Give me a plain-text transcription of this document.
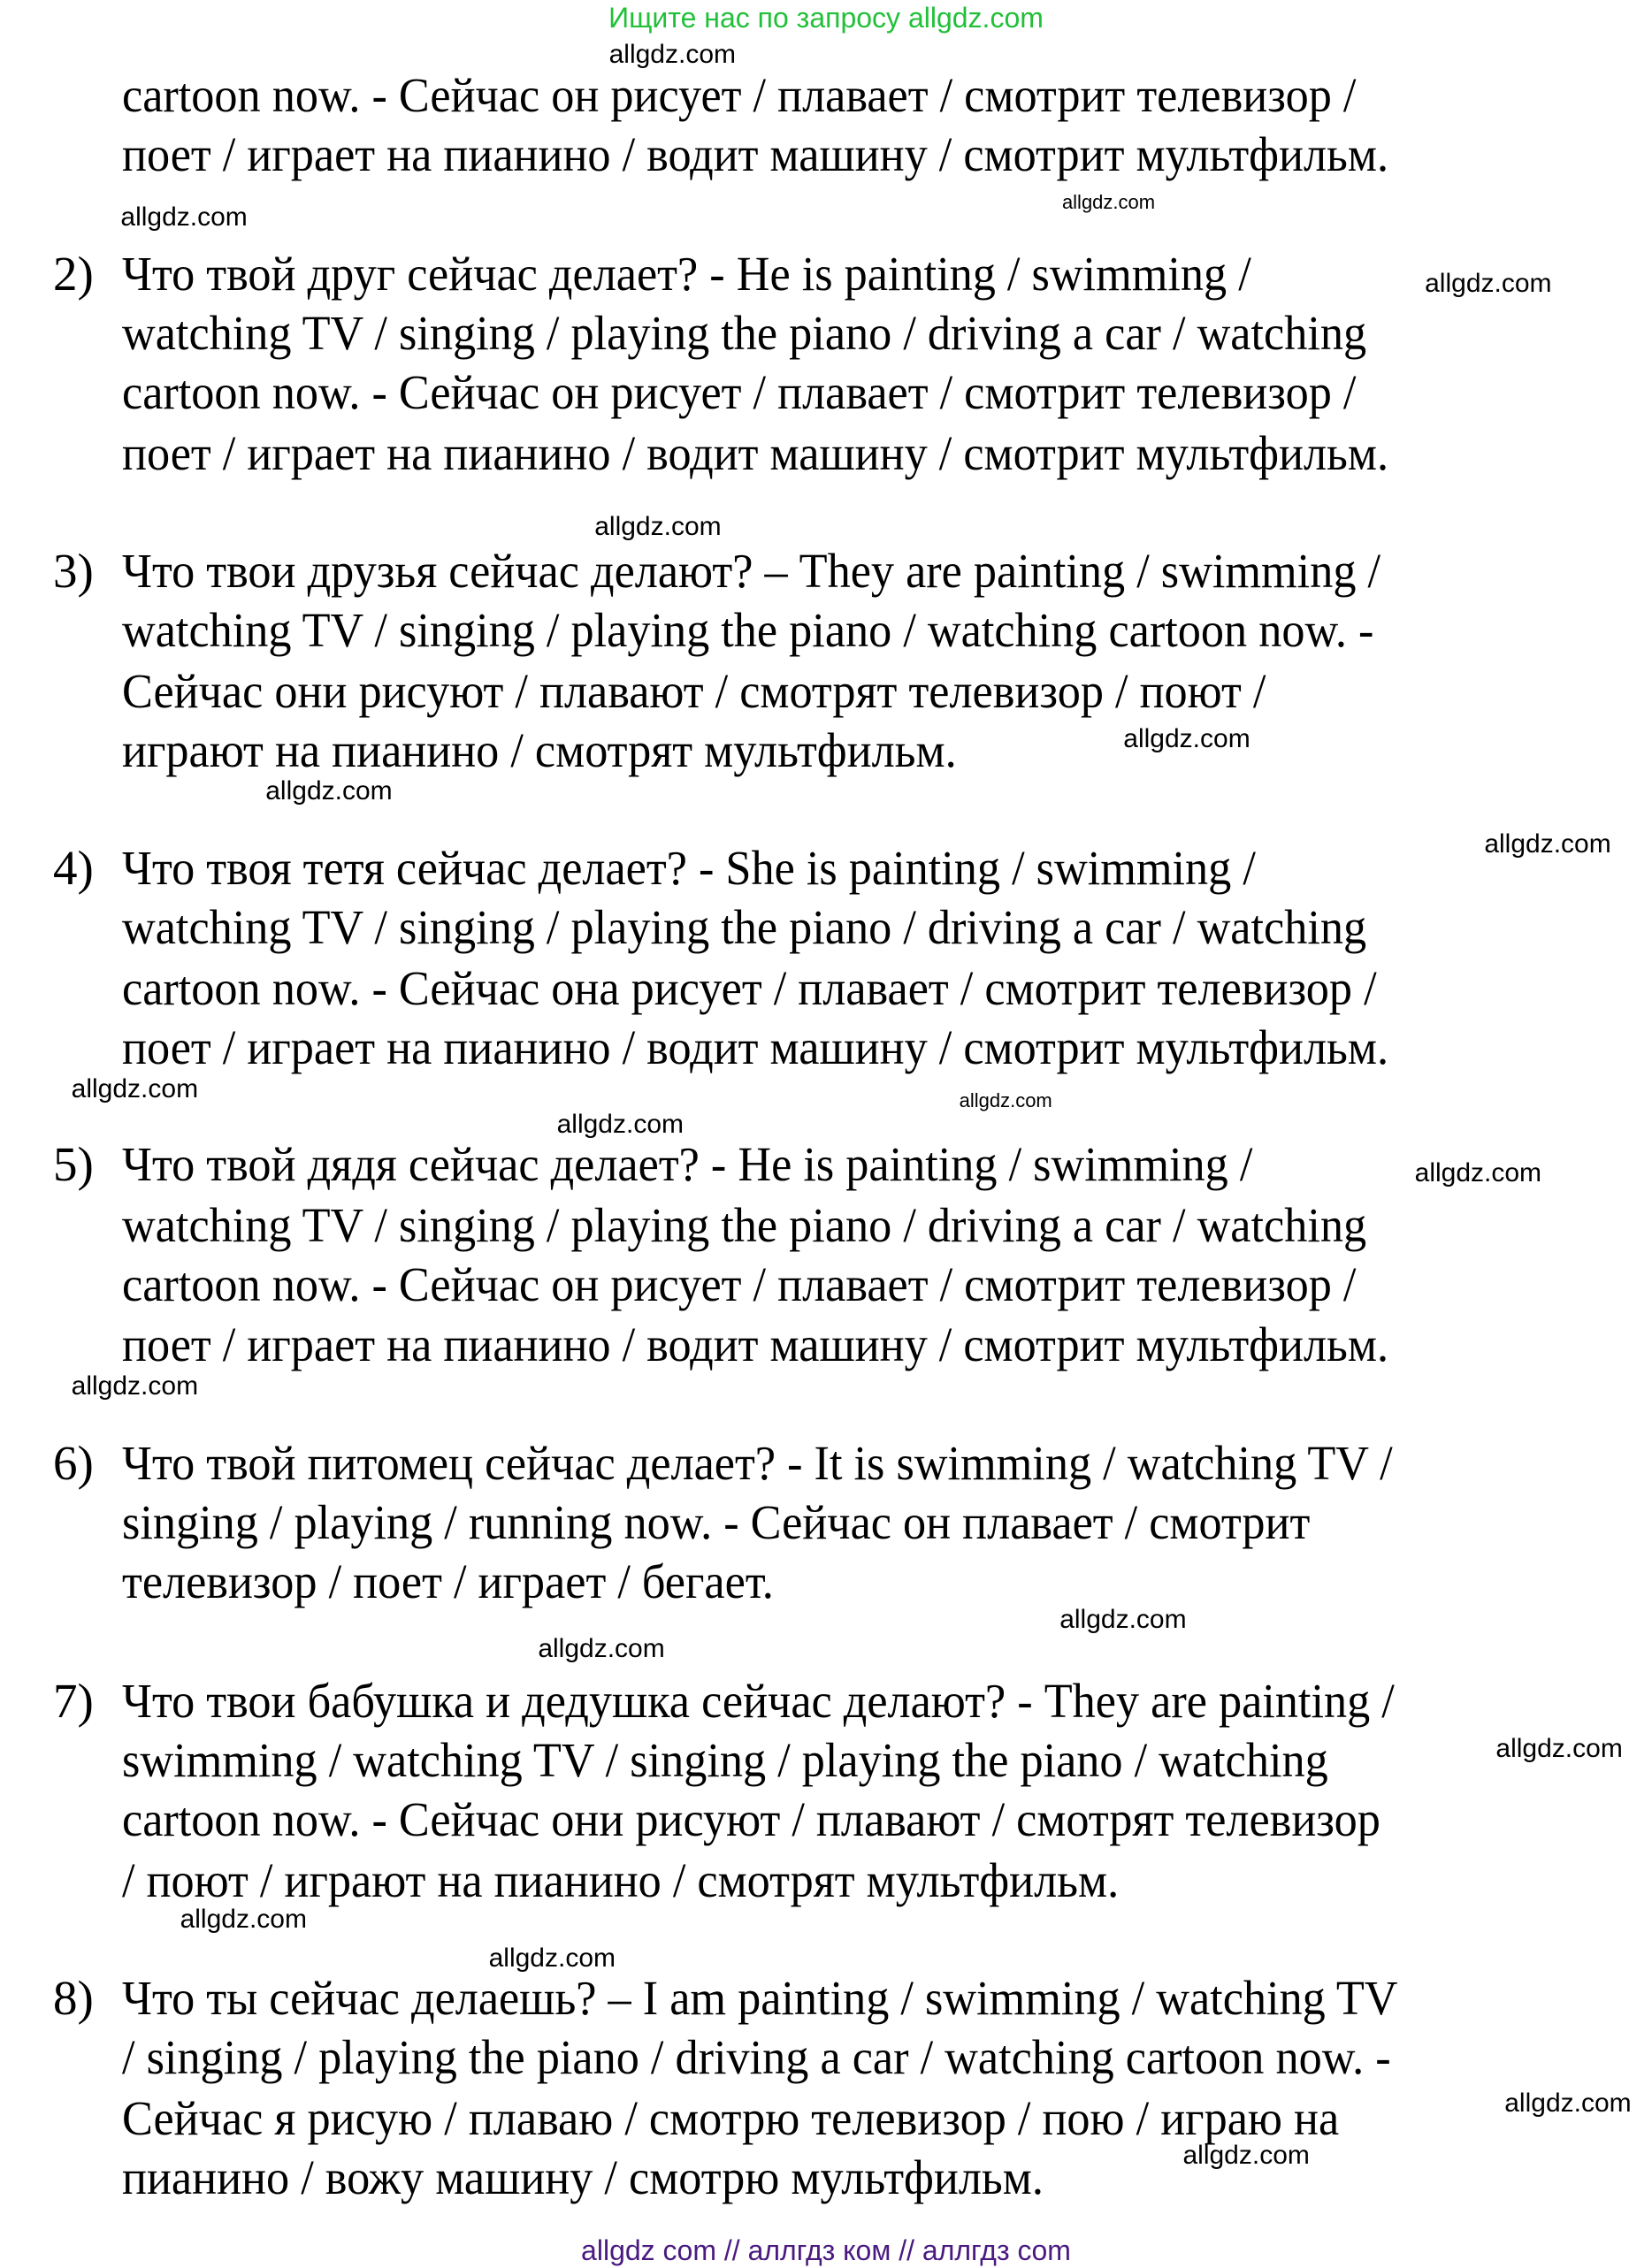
Ищите нас по запросу allgdz.com
cartoon now. - Сейчас он рисует / плавает / смотрит телевизор /
поет / играет на пианино / водит машину / смотрит мультфильм.
2) Что твой друг сейчас делает? - He is painting / swimming /
watching TV / singing / playing the piano / driving a car / watching
cartoon now. - Сейчас он рисует / плавает / смотрит телевизор /
поет / играет на пианино / водит машину / смотрит мультфильм.
3) Что твои друзья сейчас делают? – They are painting / swimming /
watching TV / singing / playing the piano / watching cartoon now. -
Сейчас они рисуют / плавают / смотрят телевизор / поют /
играют на пианино / смотрят мультфильм.
4) Что твоя тетя сейчас делает? - She is painting / swimming /
watching TV / singing / playing the piano / driving a car / watching
cartoon now. - Сейчас она рисует / плавает / смотрит телевизор /
поет / играет на пианино / водит машину / смотрит мультфильм.
5) Что твой дядя сейчас делает? - He is painting / swimming /
watching TV / singing / playing the piano / driving a car / watching
cartoon now. - Сейчас он рисует / плавает / смотрит телевизор /
поет / играет на пианино / водит машину / смотрит мультфильм.
6) Что твой питомец сейчас делает? - It is swimming / watching TV /
singing / playing / running now. - Сейчас он плавает / смотрит
телевизор / поет / играет / бегает.
7) Что твои бабушка и дедушка сейчас делают? - They are painting /
swimming / watching TV / singing / playing the piano / watching
cartoon now. - Сейчас они рисуют / плавают / смотрят телевизор
/ поют / играют на пианино / смотрят мультфильм.
8) Что ты сейчас делаешь? – I am painting / swimming / watching TV
/ singing / playing the piano / driving a car / watching cartoon now. -
Сейчас я рисую / плаваю / смотрю телевизор / пою / играю на
пианино / вожу машину / смотрю мультфильм.
allgdz.com
allgdz.com
allgdz.com
allgdz.com
allgdz.com
allgdz.com
allgdz.com
allgdz.com
allgdz.com
allgdz.com
allgdz.com
allgdz.com
allgdz.com
allgdz.com
allgdz.com
allgdz.com
allgdz.com
allgdz.com
allgdz.com
allgdz.com
allgdz com // аллгдз ком // аллгдз com
